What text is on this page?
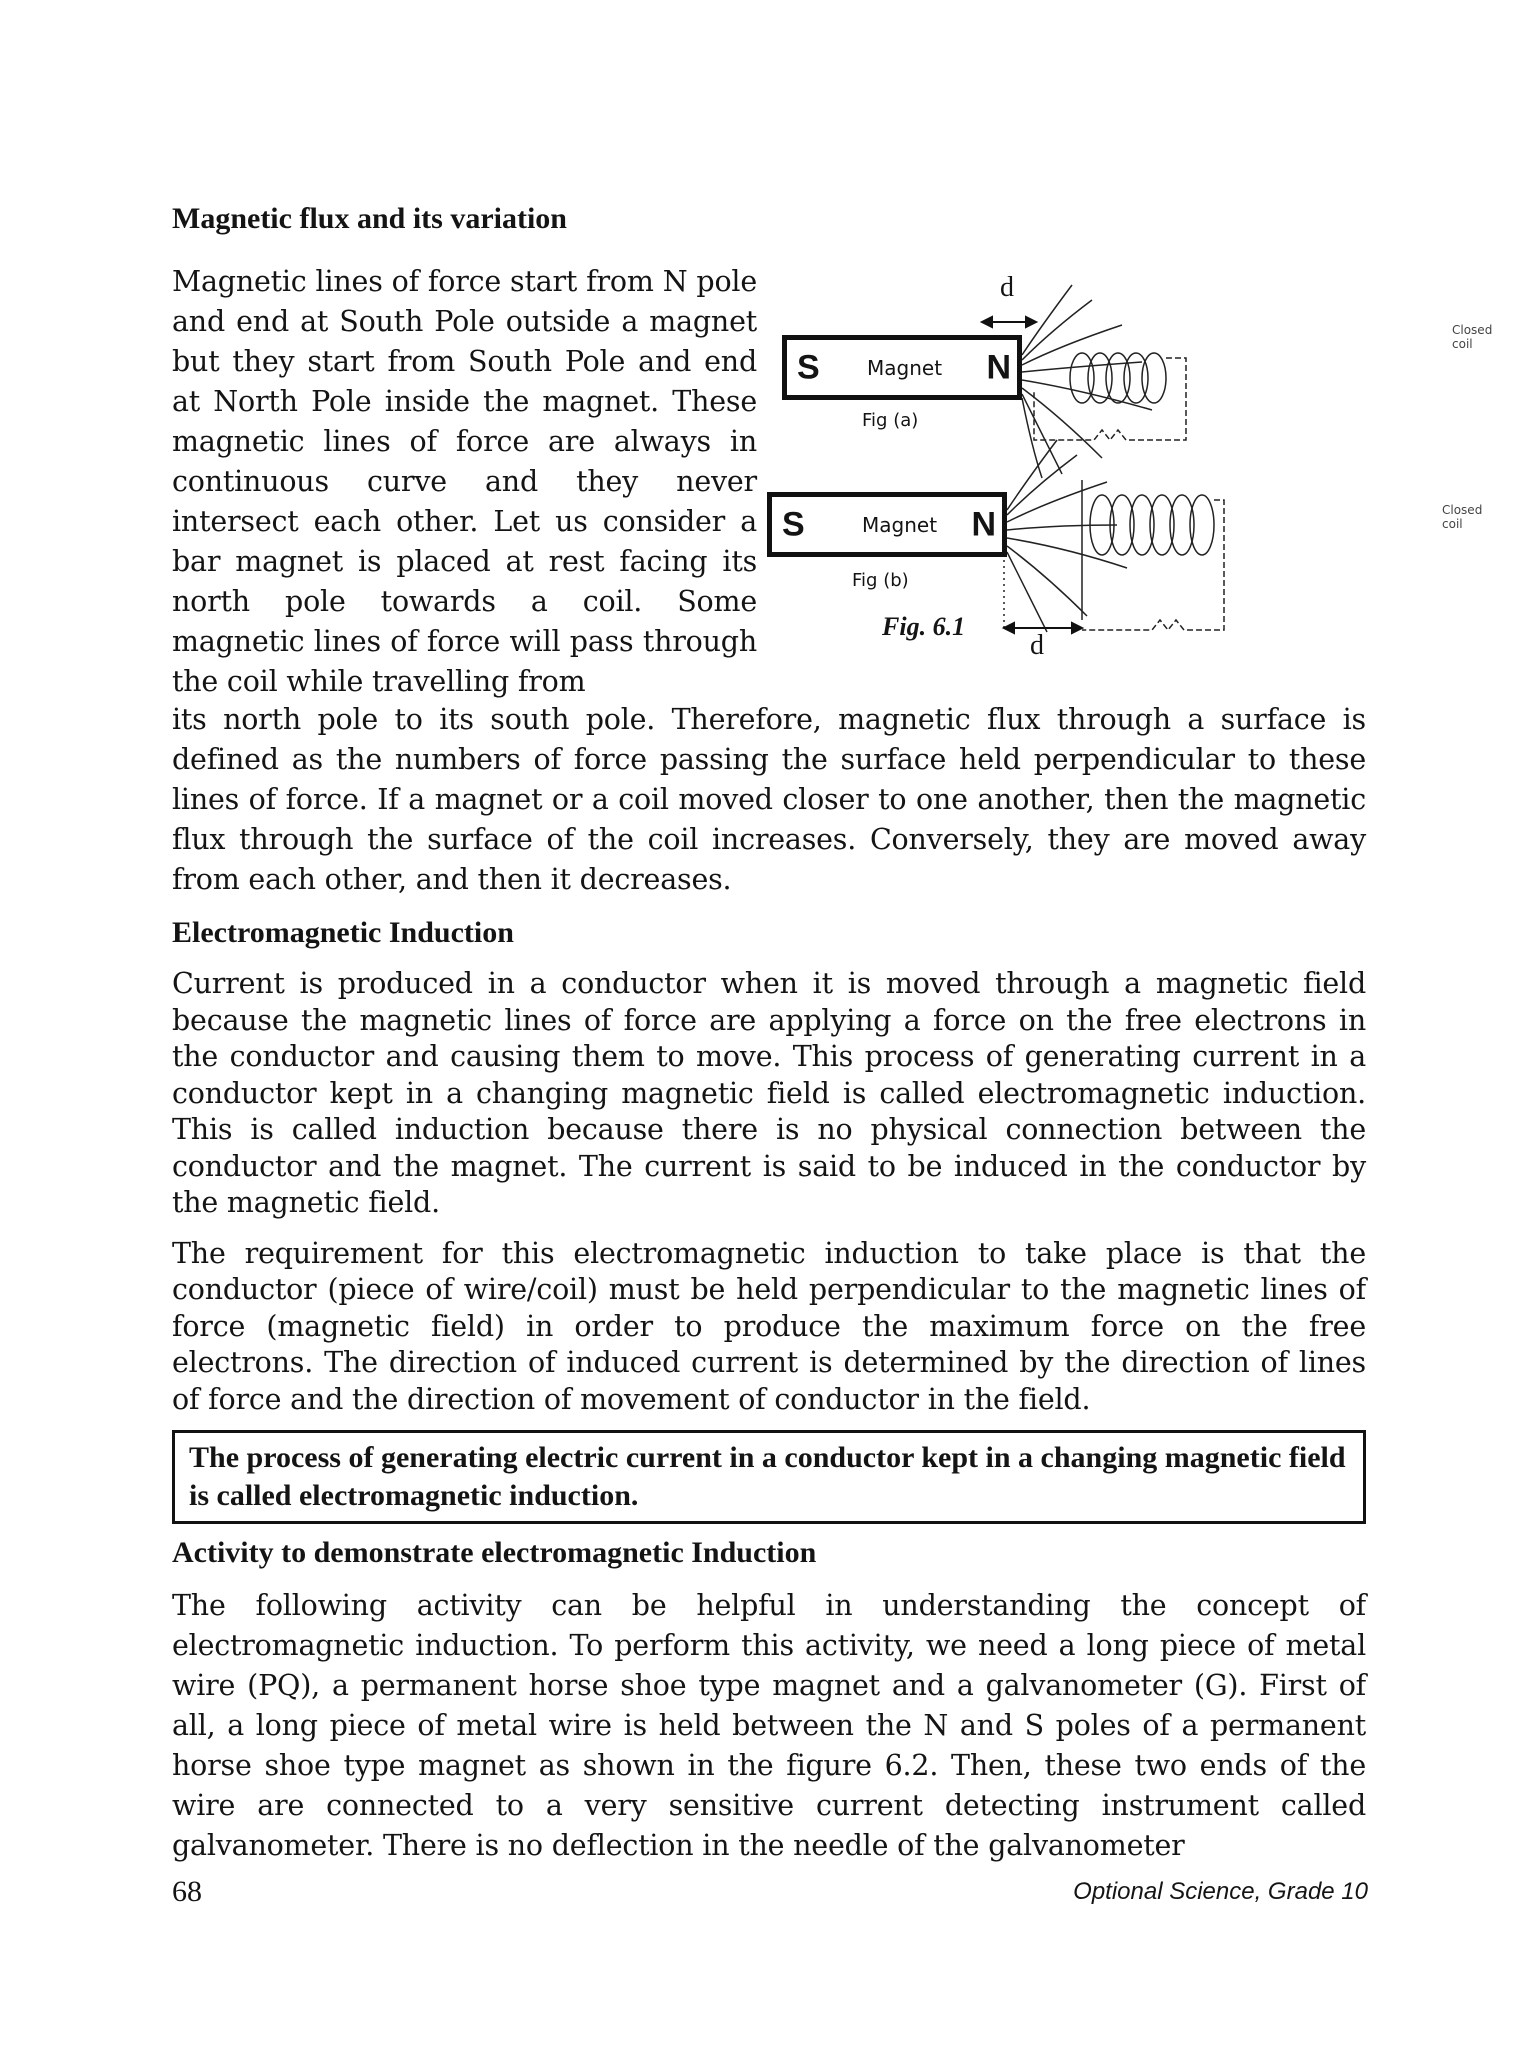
Magnetic flux and its variation

Magnetic lines of force start from N pole and end at South Pole outside a magnet but they start from South Pole and end at North Pole inside the magnet. These magnetic lines of force are always in continuous curve and they never intersect each other. Let us consider a bar magnet is placed at rest facing its north pole towards a coil. Some magnetic lines of force will pass through the coil while travelling from

d
Closed coil
S Magnet N
Fig (a)
Closed coil
S	Magnet N
Fig (b)
Fig. 6.1
d

its north pole to its south pole. Therefore, magnetic flux through a surface is defined as the numbers of force passing the surface held perpendicular to these lines of force. If a magnet or a coil moved closer to one another, then the magnetic flux through the surface of the coil increases. Conversely, they are moved away from each other, and then it decreases.

Electromagnetic Induction

Current is produced in a conductor when it is moved through a magnetic field because the magnetic lines of force are applying a force on the free electrons in the conductor and causing them to move. This process of generating current in a conductor kept in a changing magnetic field is called electromagnetic induction. This is called induction because there is no physical connection between the conductor and the magnet. The current is said to be induced in the conductor by the magnetic field.

The requirement for this electromagnetic induction to take place is that the conductor (piece of wire/coil) must be held perpendicular to the magnetic lines of force (magnetic field) in order to produce the maximum force on the free electrons. The direction of induced current is determined by the direction of lines of force and the direction of movement of conductor in the field.

The process of generating electric current in a conductor kept in a changing magnetic field is called electromagnetic induction.

Activity to demonstrate electromagnetic Induction

The following activity can be helpful in understanding the concept of electromagnetic induction. To perform this activity, we need a long piece of metal wire (PQ), a permanent horse shoe type magnet and a galvanometer (G). First of all, a long piece of metal wire is held between the N and S poles of a permanent horse shoe type magnet as shown in the figure 6.2. Then, these two ends of the wire are connected to a very sensitive current detecting instrument called galvanometer. There is no deflection in the needle of the galvanometer

68	Optional Science, Grade 10
